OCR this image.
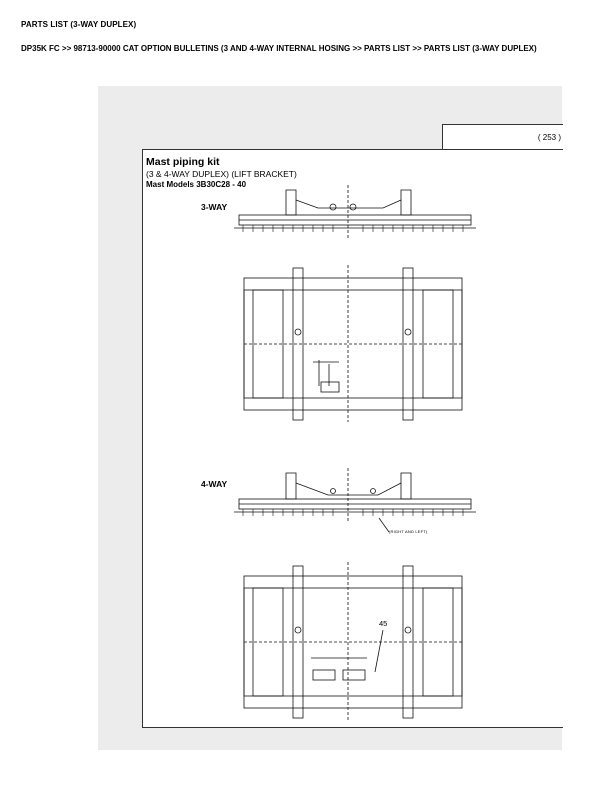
PARTS LIST (3-WAY DUPLEX)
DP35K FC >> 98713-90000 CAT OPTION BULLETINS (3 AND 4-WAY INTERNAL HOSING >> PARTS LIST >> PARTS LIST (3-WAY DUPLEX)
( 253 )
Mast piping kit
(3 & 4-WAY DUPLEX) (LIFT BRACKET)
Mast Models 3B30C28 - 40
3-WAY
4-WAY
45
(RIGHT AND LEFT)
